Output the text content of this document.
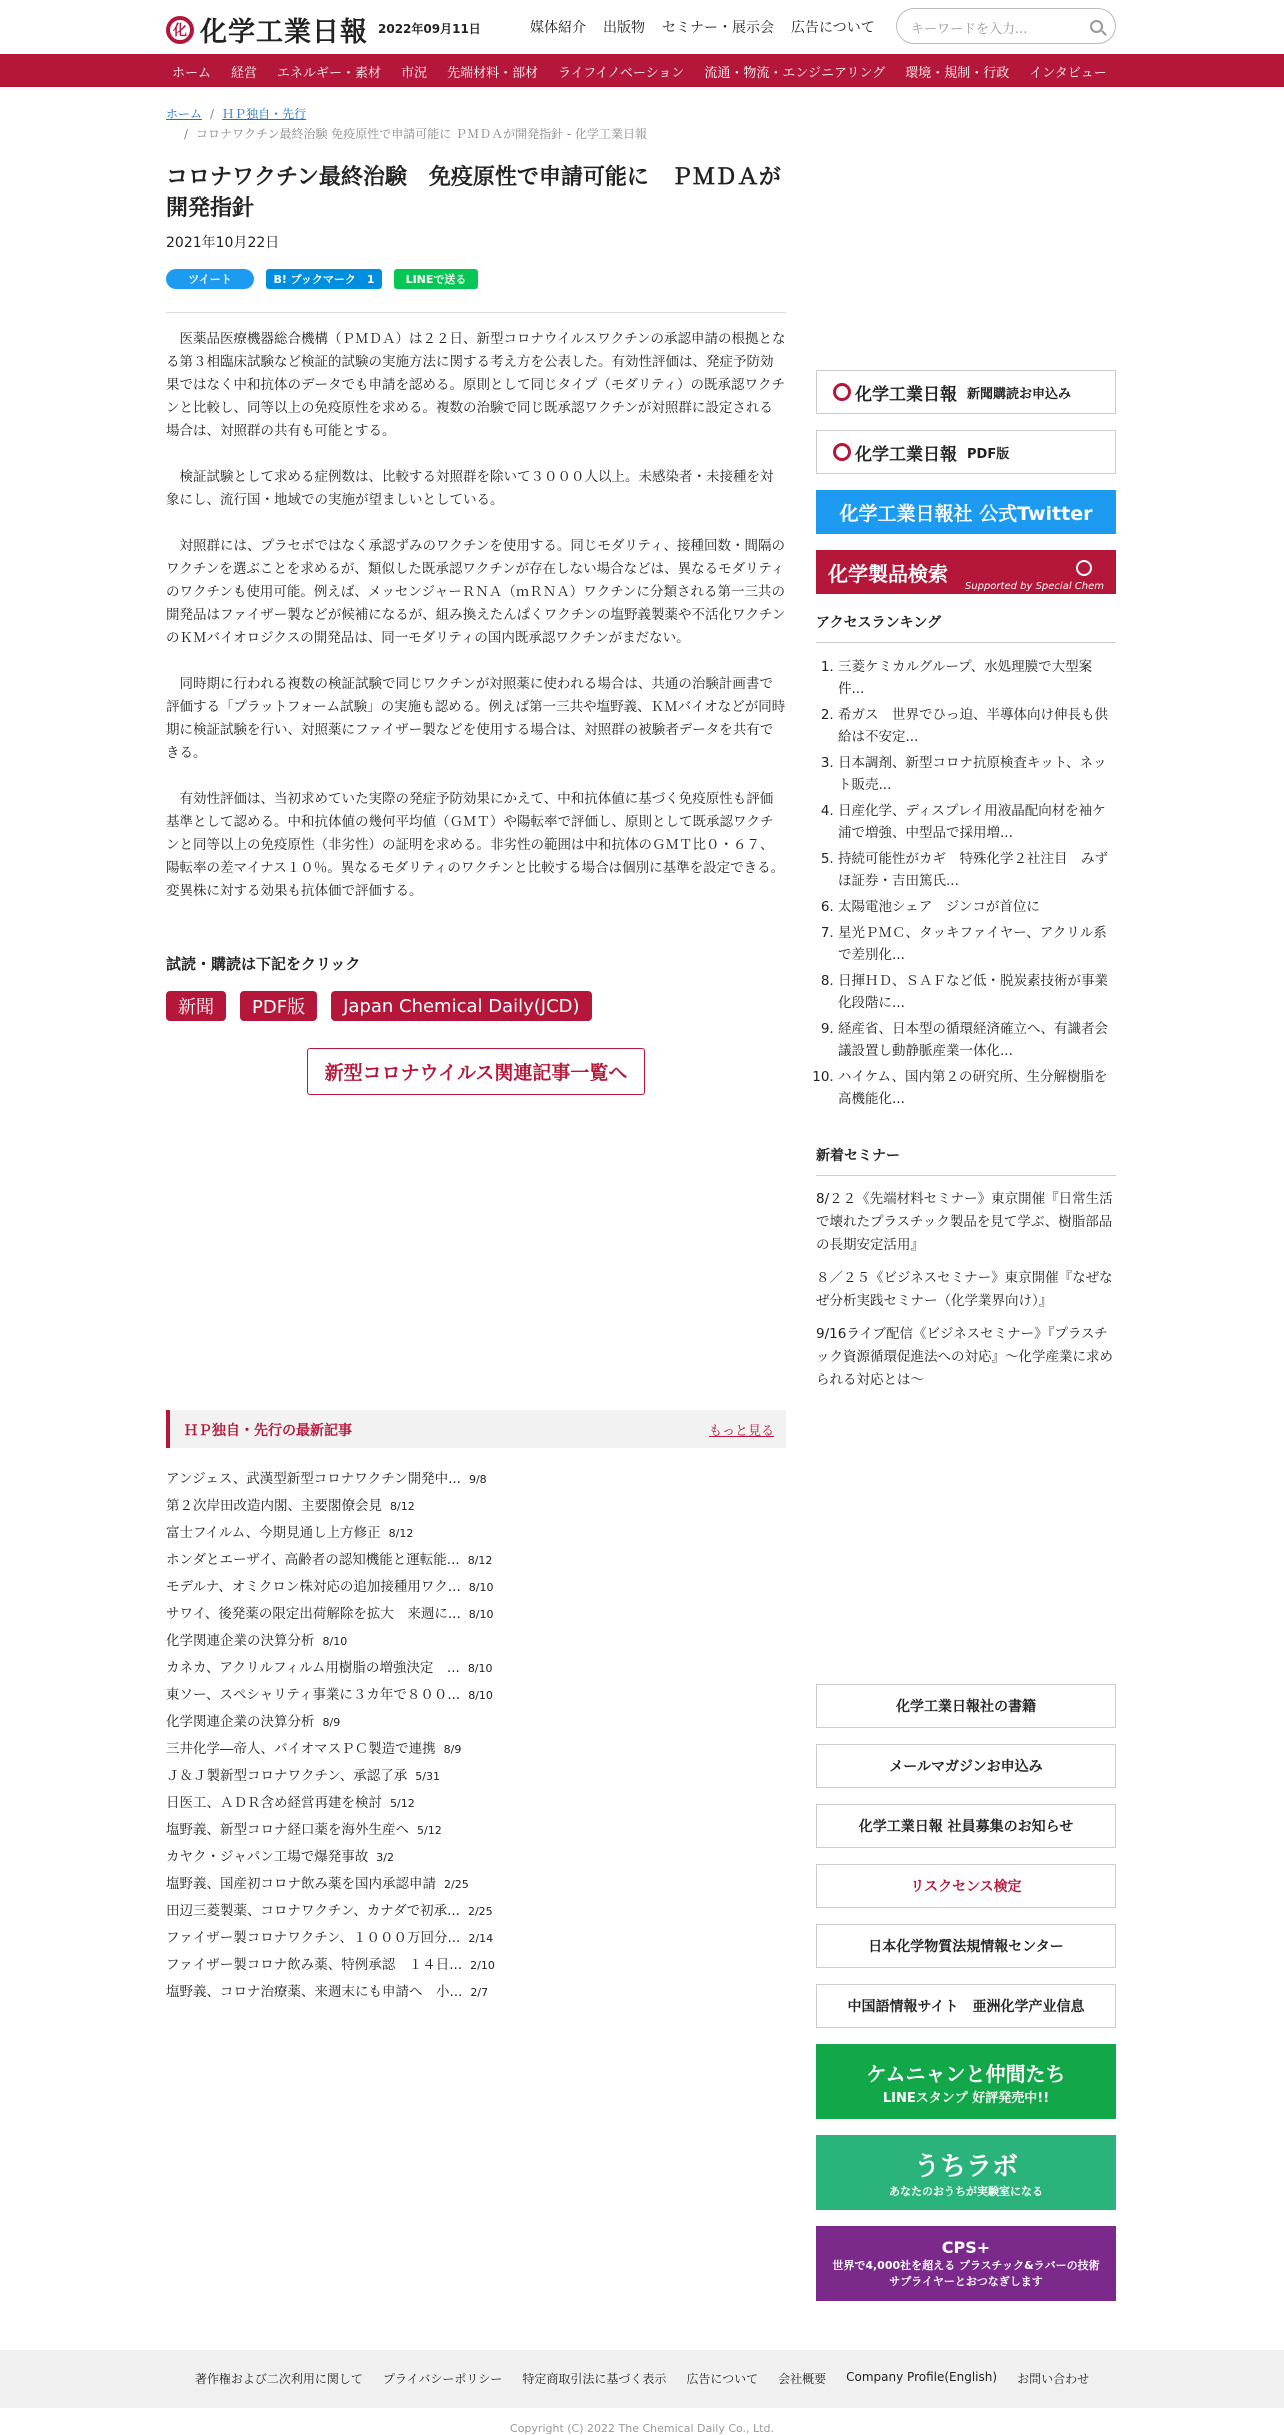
化 化学工業日報 2022年09月11日	媒体紹介 出版物 セミナー・展示会 広告について	キーワードを入力...
ホーム 経営 エネルギー・素材 市況 先端材料・部材 ライフイノベーション 流通・物流・エンジニアリング 環境・規制・行政 インタビュー
ホーム / ＨＰ独自・先行
/ コロナワクチン最終治験 免疫原性で申請可能に ＰＭＤＡが開発指針 - 化学工業日報
コロナワクチン最終治験　免疫原性で申請可能に　ＰＭＤＡが開発指針
2021年10月22日
ツイート	B! ブックマーク　1	LINEで送る

医薬品医療機器総合機構（ＰＭＤＡ）は２２日、新型コロナウイルスワクチンの承認申請の根拠となる第３相臨床試験など検証的試験の実施方法に関する考え方を公表した。有効性評価は、発症予防効果ではなく中和抗体のデータでも申請を認める。原則として同じタイプ（モダリティ）の既承認ワクチンと比較し、同等以上の免疫原性を求める。複数の治験で同じ既承認ワクチンが対照群に設定される場合は、対照群の共有も可能とする。

検証試験として求める症例数は、比較する対照群を除いて３０００人以上。未感染者・未接種を対象にし、流行国・地域での実施が望ましいとしている。

対照群には、プラセボではなく承認ずみのワクチンを使用する。同じモダリティ、接種回数・間隔のワクチンを選ぶことを求めるが、類似した既承認ワクチンが存在しない場合などは、異なるモダリティのワクチンも使用可能。例えば、メッセンジャーＲＮＡ（ｍＲＮＡ）ワクチンに分類される第一三共の開発品はファイザー製などが候補になるが、組み換えたんぱくワクチンの塩野義製薬や不活化ワクチンのＫＭバイオロジクスの開発品は、同一モダリティの国内既承認ワクチンがまだない。

同時期に行われる複数の検証試験で同じワクチンが対照薬に使われる場合は、共通の治験計画書で評価する「プラットフォーム試験」の実施も認める。例えば第一三共や塩野義、ＫＭバイオなどが同時期に検証試験を行い、対照薬にファイザー製などを使用する場合は、対照群の被験者データを共有できる。

有効性評価は、当初求めていた実際の発症予防効果にかえて、中和抗体値に基づく免疫原性も評価基準として認める。中和抗体値の幾何平均値（ＧＭＴ）や陽転率で評価し、原則として既承認ワクチンと同等以上の免疫原性（非劣性）の証明を求める。非劣性の範囲は中和抗体のＧＭＴ比０・６７、陽転率の差マイナス１０％。異なるモダリティのワクチンと比較する場合は個別に基準を設定できる。変異株に対する効果も抗体価で評価する。

試読・購読は下記をクリック
新聞	PDF版	Japan Chemical Daily(JCD)
新型コロナウイルス関連記事一覧へ
ＨＰ独自・先行の最新記事	もっと見る
アンジェス、武漢型新型コロナワクチン開発中... 9/8
第２次岸田改造内閣、主要閣僚会見 8/12
富士フイルム、今期見通し上方修正 8/12
ホンダとエーザイ、高齢者の認知機能と運転能... 8/12
モデルナ、オミクロン株対応の追加接種用ワク... 8/10
サワイ、後発薬の限定出荷解除を拡大　来週に... 8/10
化学関連企業の決算分析 8/10
カネカ、アクリルフィルム用樹脂の増強決定　... 8/10
東ソー、スペシャリティ事業に３カ年で８００... 8/10
化学関連企業の決算分析 8/9
三井化学―帝人、バイオマスＰＣ製造で連携 8/9
Ｊ＆Ｊ製新型コロナワクチン、承認了承 5/31
日医工、ＡＤＲ含め経営再建を検討 5/12
塩野義、新型コロナ経口薬を海外生産へ 5/12
カヤク・ジャパン工場で爆発事故 3/2
塩野義、国産初コロナ飲み薬を国内承認申請 2/25
田辺三菱製薬、コロナワクチン、カナダで初承... 2/25
ファイザー製コロナワクチン、１０００万回分... 2/14
ファイザー製コロナ飲み薬、特例承認　１４日... 2/10
塩野義、コロナ治療薬、来週末にも申請へ　小... 2/7
化学工業日報 新聞購読お申込み
化学工業日報 PDF版
化学工業日報社 公式Twitter
化学製品検索
Supported by Special Chem
アクセスランキング
1. 三菱ケミカルグループ、水処理膜で大型案件...
2. 希ガス　世界でひっ迫、半導体向け伸長も供給は不安定...
3. 日本調剤、新型コロナ抗原検査キット、ネット販売...
4. 日産化学、ディスプレイ用液晶配向材を袖ケ浦で増強、中型品で採用増...
5. 持続可能性がカギ　特殊化学２社注目　みずほ証券・吉田篤氏...
6. 太陽電池シェア　ジンコが首位に
7. 星光ＰＭＣ、タッキファイヤー、アクリル系で差別化...
8. 日揮ＨＤ、ＳＡＦなど低・脱炭素技術が事業化段階に...
9. 経産省、日本型の循環経済確立へ、有識者会議設置し動静脈産業一体化...
10. ハイケム、国内第２の研究所、生分解樹脂を高機能化...
新着セミナー
8/２２《先端材料セミナー》東京開催『日常生活で壊れたプラスチック製品を見て学ぶ、樹脂部品の長期安定活用』
８／２５《ビジネスセミナー》東京開催『なぜなぜ分析実践セミナー（化学業界向け）』
9/16ライブ配信《ビジネスセミナー》『プラスチック資源循環促進法への対応』～化学産業に求められる対応とは～
化学工業日報社の書籍
メールマガジンお申込み
化学工業日報 社員募集のお知らせ
リスクセンス検定
日本化学物質法規情報センター
中国語情報サイト　亜洲化学产业信息
ケムニャンと仲間たち
LINEスタンプ 好評発売中!!
うちラボ
あなたのおうちが実験室になる
CPS+
世界で4,000社を超える プラスチック&ラバーの技術サプライヤーとおつなぎします
著作権および二次利用に関して プライバシーポリシー 特定商取引法に基づく表示 広告について 会社概要 Company Profile(English) お問い合わせ
Copyright (C) 2022 The Chemical Daily Co., Ltd.
